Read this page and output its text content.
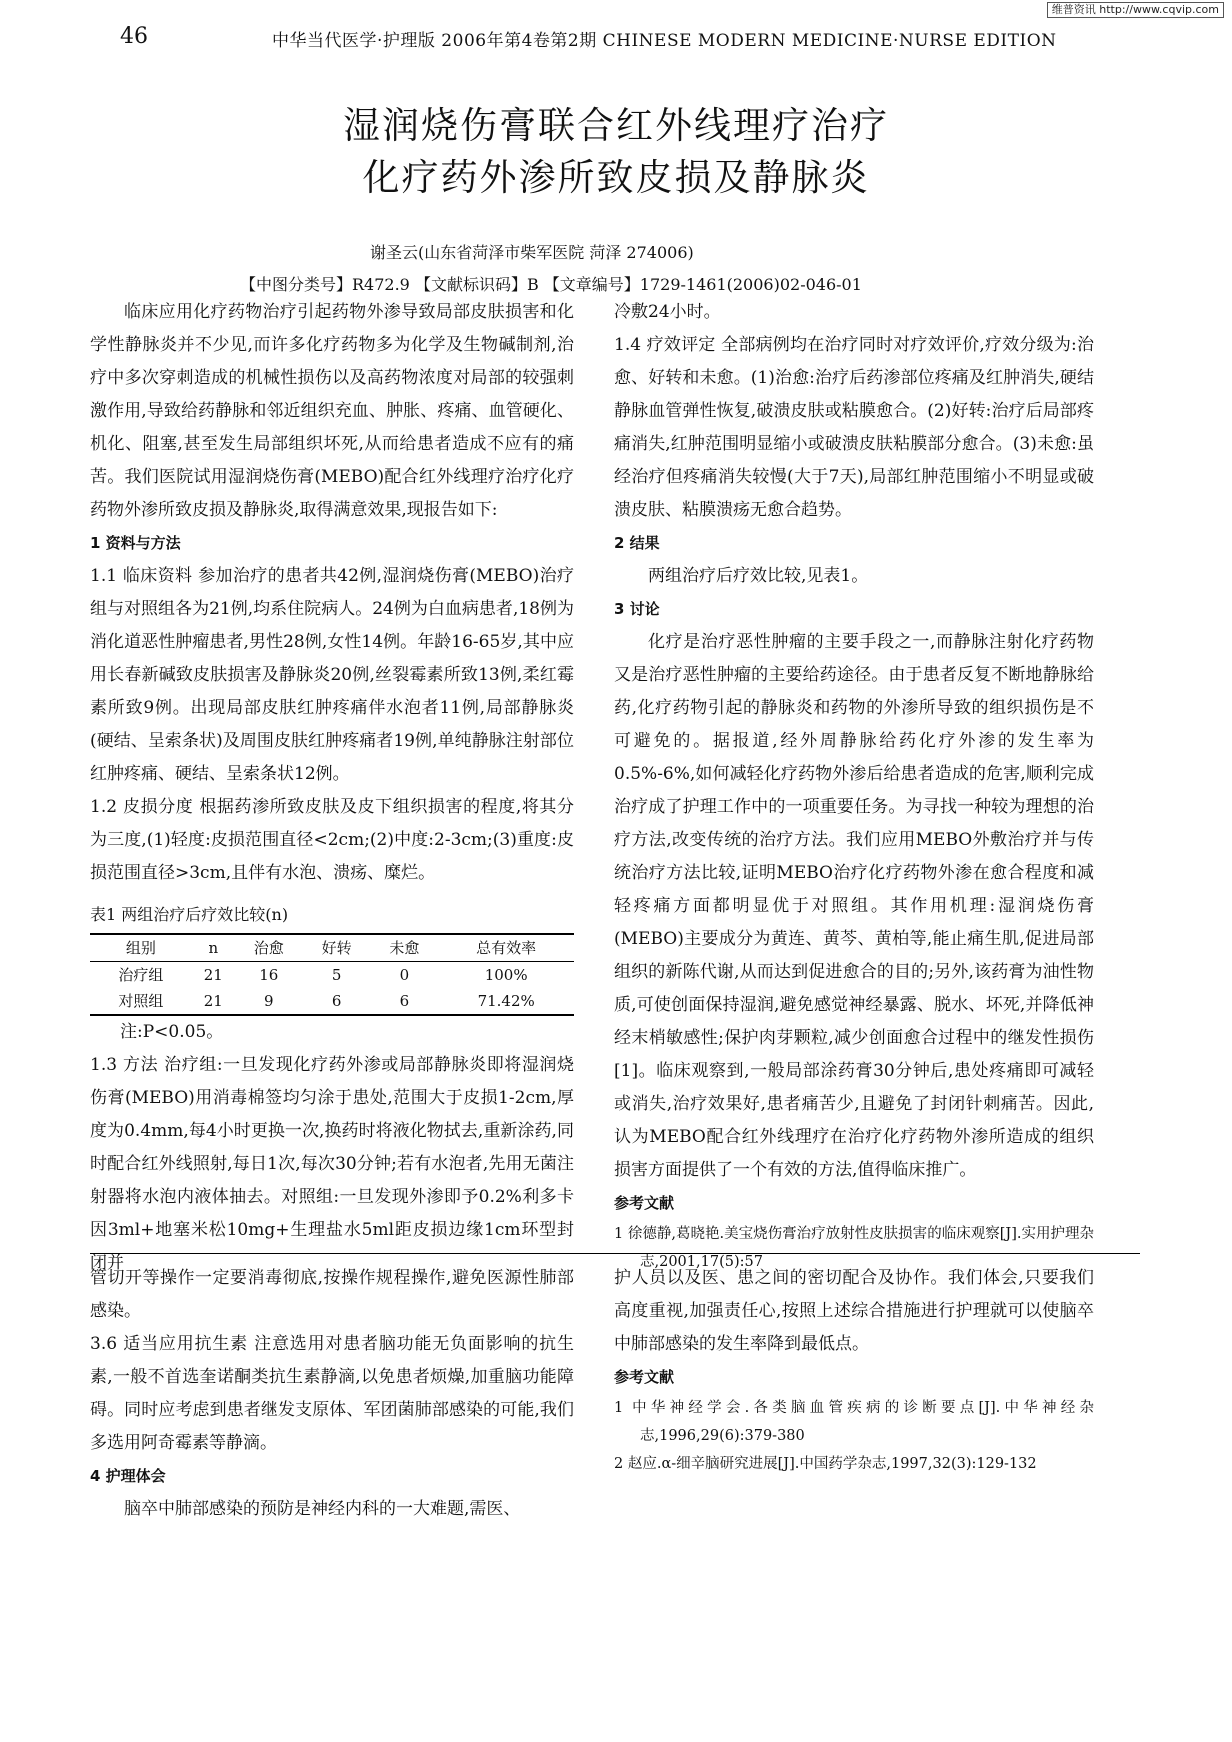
维普资讯 http://www.cqvip.com
46	中华当代医学·护理版 2006年第4卷第2期 CHINESE MODERN MEDICINE·NURSE EDITION
湿润烧伤膏联合红外线理疗治疗
化疗药外渗所致皮损及静脉炎
谢圣云(山东省菏泽市柴军医院 菏泽 274006)
【中图分类号】R472.9 【文献标识码】B 【文章编号】1729-1461(2006)02-046-01

临床应用化疗药物治疗引起药物外渗导致局部皮肤损害和化学性静脉炎并不少见,而许多化疗药物多为化学及生物碱制剂,治疗中多次穿刺造成的机械性损伤以及高药物浓度对局部的较强刺激作用,导致给药静脉和邻近组织充血、肿胀、疼痛、血管硬化、机化、阻塞,甚至发生局部组织坏死,从而给患者造成不应有的痛苦。我们医院试用湿润烧伤膏(MEBO)配合红外线理疗治疗化疗药物外渗所致皮损及静脉炎,取得满意效果,现报告如下:

1 资料与方法

1.1 临床资料 参加治疗的患者共42例,湿润烧伤膏(MEBO)治疗组与对照组各为21例,均系住院病人。24例为白血病患者,18例为消化道恶性肿瘤患者,男性28例,女性14例。年龄16-65岁,其中应用长春新碱致皮肤损害及静脉炎20例,丝裂霉素所致13例,柔红霉素所致9例。出现局部皮肤红肿疼痛伴水泡者11例,局部静脉炎(硬结、呈索条状)及周围皮肤红肿疼痛者19例,单纯静脉注射部位红肿疼痛、硬结、呈索条状12例。

1.2 皮损分度 根据药渗所致皮肤及皮下组织损害的程度,将其分为三度,(1)轻度:皮损范围直径<2cm;(2)中度:2-3cm;(3)重度:皮损范围直径>3cm,且伴有水泡、溃疡、糜烂。

表1 两组治疗后疗效比较(n)

组别	n	治愈	好转	未愈	总有效率
治疗组	21	16	5	0	100%
对照组	21	9	6	6	71.42%

注:P<0.05。

1.3 方法 治疗组:一旦发现化疗药外渗或局部静脉炎即将湿润烧伤膏(MEBO)用消毒棉签均匀涂于患处,范围大于皮损1-2cm,厚度为0.4mm,每4小时更换一次,换药时将液化物拭去,重新涂药,同时配合红外线照射,每日1次,每次30分钟;若有水泡者,先用无菌注射器将水泡内液体抽去。对照组:一旦发现外渗即予0.2%利多卡因3ml+地塞米松10mg+生理盐水5ml距皮损边缘1cm环型封闭并

冷敷24小时。

1.4 疗效评定 全部病例均在治疗同时对疗效评价,疗效分级为:治愈、好转和未愈。(1)治愈:治疗后药渗部位疼痛及红肿消失,硬结静脉血管弹性恢复,破溃皮肤或粘膜愈合。(2)好转:治疗后局部疼痛消失,红肿范围明显缩小或破溃皮肤粘膜部分愈合。(3)未愈:虽经治疗但疼痛消失较慢(大于7天),局部红肿范围缩小不明显或破溃皮肤、粘膜溃疡无愈合趋势。

2 结果

两组治疗后疗效比较,见表1。

3 讨论

化疗是治疗恶性肿瘤的主要手段之一,而静脉注射化疗药物又是治疗恶性肿瘤的主要给药途径。由于患者反复不断地静脉给药,化疗药物引起的静脉炎和药物的外渗所导致的组织损伤是不可避免的。据报道,经外周静脉给药化疗外渗的发生率为0.5%-6%,如何减轻化疗药物外渗后给患者造成的危害,顺利完成治疗成了护理工作中的一项重要任务。为寻找一种较为理想的治疗方法,改变传统的治疗方法。我们应用MEBO外敷治疗并与传统治疗方法比较,证明MEBO治疗化疗药物外渗在愈合程度和减轻疼痛方面都明显优于对照组。其作用机理:湿润烧伤膏(MEBO)主要成分为黄连、黄芩、黄柏等,能止痛生肌,促进局部组织的新陈代谢,从而达到促进愈合的目的;另外,该药膏为油性物质,可使创面保持湿润,避免感觉神经暴露、脱水、坏死,并降低神经末梢敏感性;保护肉芽颗粒,减少创面愈合过程中的继发性损伤[1]。临床观察到,一般局部涂药膏30分钟后,患处疼痛即可减轻或消失,治疗效果好,患者痛苦少,且避免了封闭针刺痛苦。因此,认为MEBO配合红外线理疗在治疗化疗药物外渗所造成的组织损害方面提供了一个有效的方法,值得临床推广。

参考文献

1 徐德静,葛晓艳.美宝烧伤膏治疗放射性皮肤损害的临床观察[J].实用护理杂志,2001,17(5):57

管切开等操作一定要消毒彻底,按操作规程操作,避免医源性肺部感染。

3.6 适当应用抗生素 注意选用对患者脑功能无负面影响的抗生素,一般不首选奎诺酮类抗生素静滴,以免患者烦燥,加重脑功能障碍。同时应考虑到患者继发支原体、军团菌肺部感染的可能,我们多选用阿奇霉素等静滴。

4 护理体会

脑卒中肺部感染的预防是神经内科的一大难题,需医、

护人员以及医、患之间的密切配合及协作。我们体会,只要我们高度重视,加强责任心,按照上述综合措施进行护理就可以使脑卒中肺部感染的发生率降到最低点。

参考文献

1 中华神经学会.各类脑血管疾病的诊断要点[J].中华神经杂志,1996,29(6):379-380

2 赵应.α-细辛脑研究进展[J].中国药学杂志,1997,32(3):129-132
